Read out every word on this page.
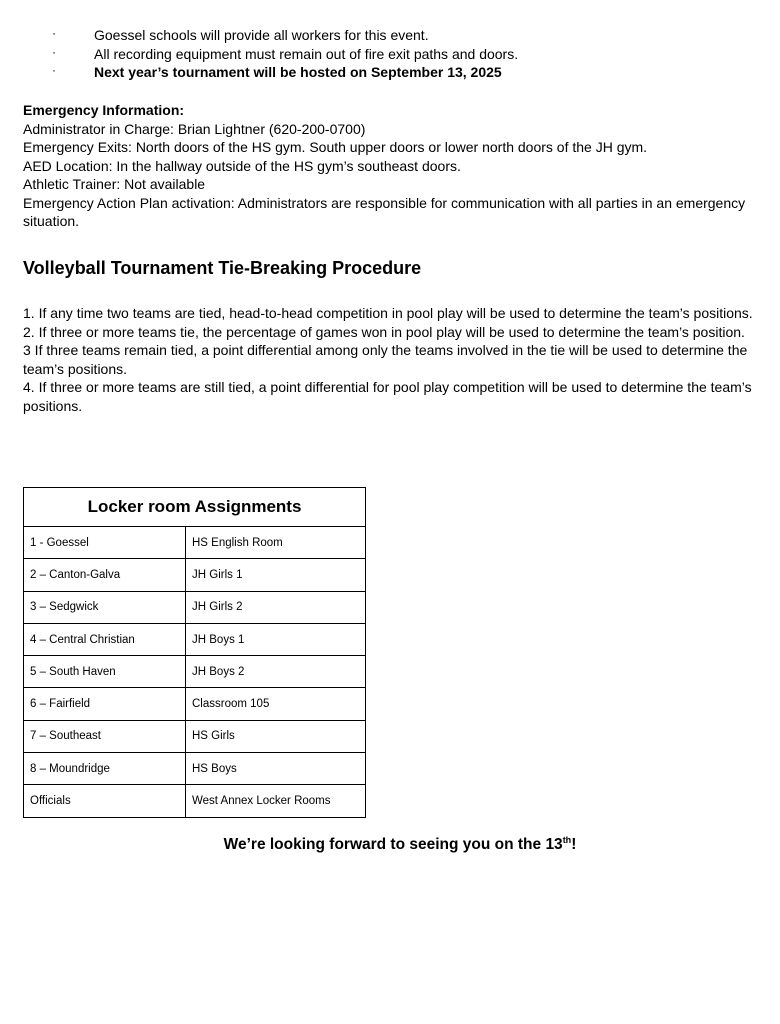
·	Goessel schools will provide all workers for this event.
·	All recording equipment must remain out of fire exit paths and doors.
·	Next year’s tournament will be hosted on September 13, 2025
Emergency Information:
Administrator in Charge: Brian Lightner (620-200-0700)
Emergency Exits: North doors of the HS gym. South upper doors or lower north doors of the JH gym.
AED Location: In the hallway outside of the HS gym’s southeast doors.
Athletic Trainer: Not available
Emergency Action Plan activation: Administrators are responsible for communication with all parties in an emergency situation.
Volleyball Tournament Tie-Breaking Procedure
1. If any time two teams are tied, head-to-head competition in pool play will be used to determine the team’s positions.
2. If three or more teams tie, the percentage of games won in pool play will be used to determine the team’s position.
3 If three teams remain tied, a point differential among only the teams involved in the tie will be used to determine the team’s positions.
4. If three or more teams are still tied, a point differential for pool play competition will be used to determine the team’s positions.
Locker room Assignments	
1 - Goessel	HS English Room
2 – Canton-Galva	JH Girls 1
3 – Sedgwick	JH Girls 2
4 – Central Christian	JH Boys 1
5 – South Haven	JH Boys 2
6 – Fairfield	Classroom 105
7 – Southeast	HS Girls
8 – Moundridge	HS Boys
Officials	West Annex Locker Rooms
We’re looking forward to seeing you on the 13th!
